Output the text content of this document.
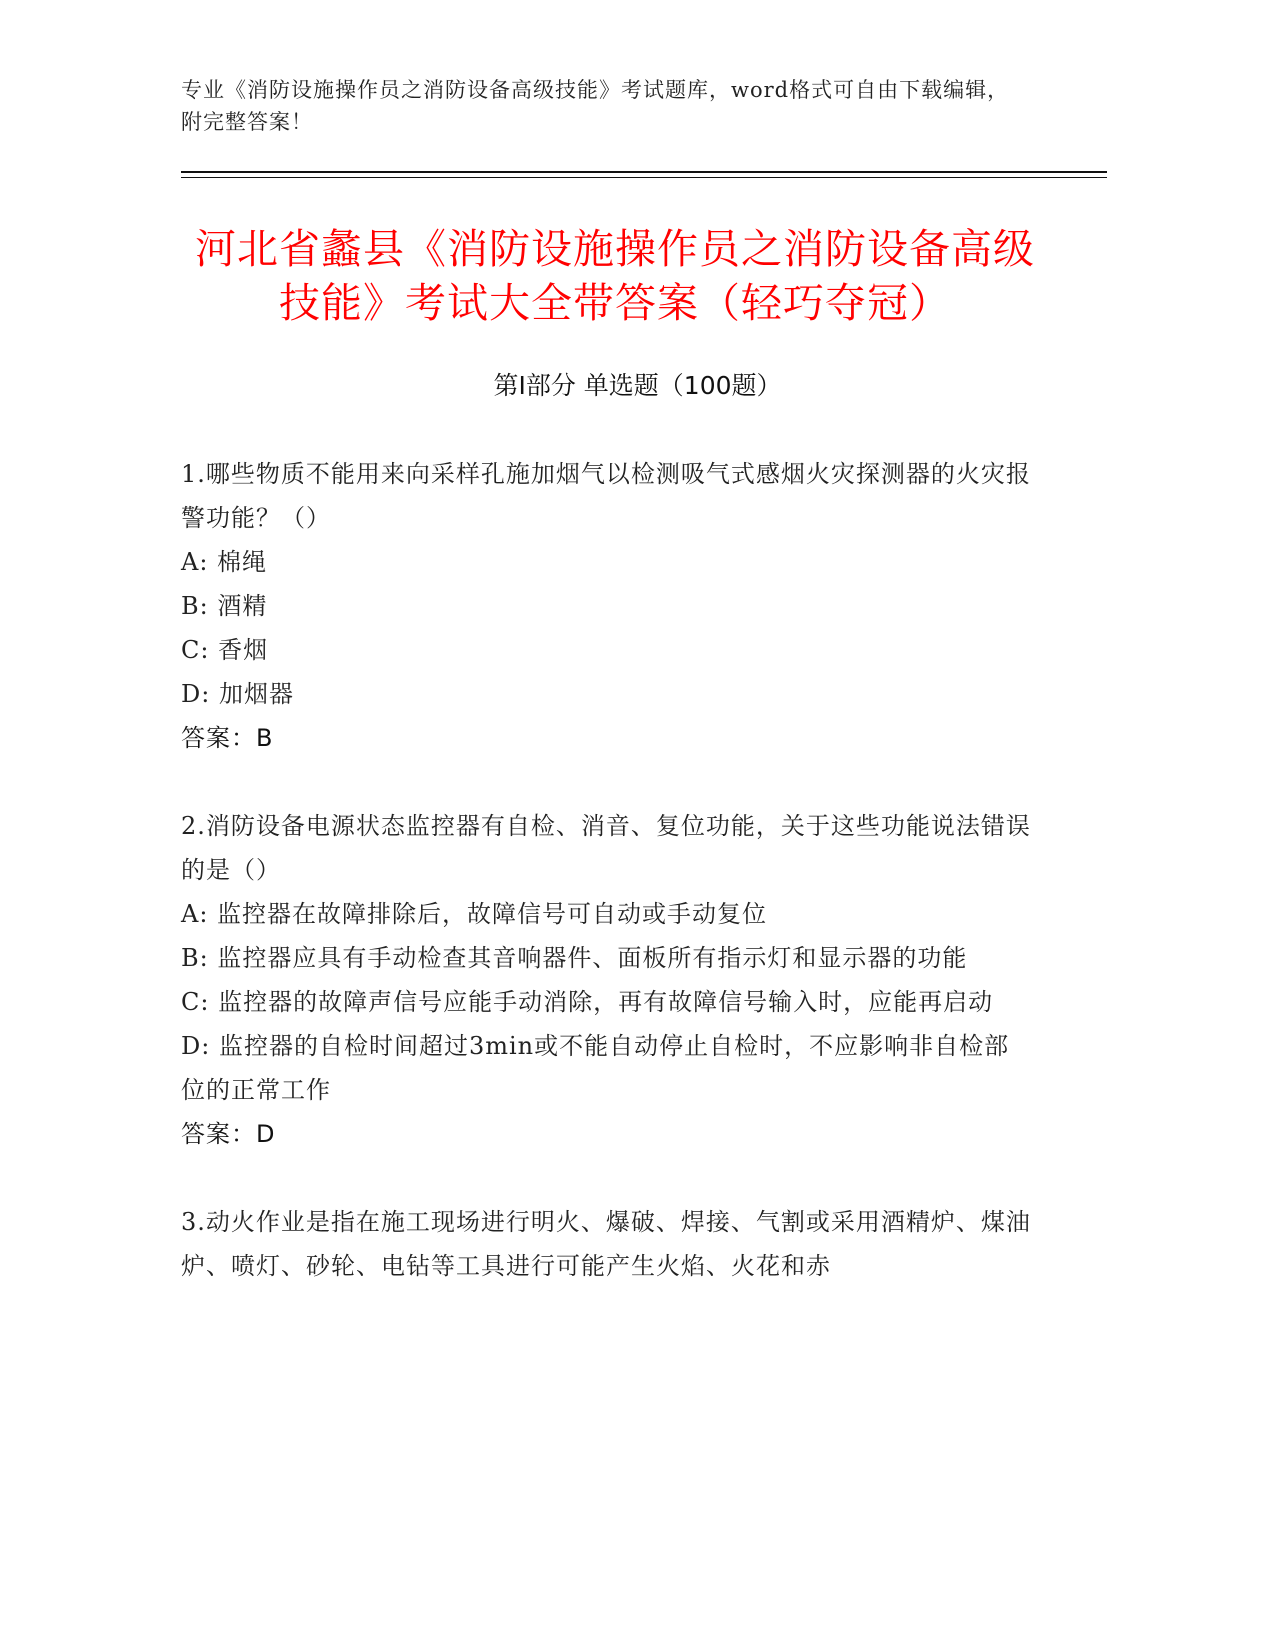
专业《消防设施操作员之消防设备高级技能》考试题库，word格式可自由下载编辑，附完整答案！
河北省蠡县《消防设施操作员之消防设备高级技能》考试大全带答案（轻巧夺冠）
第Ⅰ部分 单选题（100题）

1.哪些物质不能用来向采样孔施加烟气以检测吸气式感烟火灾探测器的火灾报警功能？（）

A: 棉绳

B: 酒精

C: 香烟

D: 加烟器

答案：B

2.消防设备电源状态监控器有自检、消音、复位功能，关于这些功能说法错误的是（）

A: 监控器在故障排除后，故障信号可自动或手动复位

B: 监控器应具有手动检查其音响器件、面板所有指示灯和显示器的功能

C: 监控器的故障声信号应能手动消除，再有故障信号输入时，应能再启动

D: 监控器的自检时间超过3min或不能自动停止自检时，不应影响非自检部位的正常工作

答案：D

3.动火作业是指在施工现场进行明火、爆破、焊接、气割或采用酒精炉、煤油炉、喷灯、砂轮、电钻等工具进行可能产生火焰、火花和赤
